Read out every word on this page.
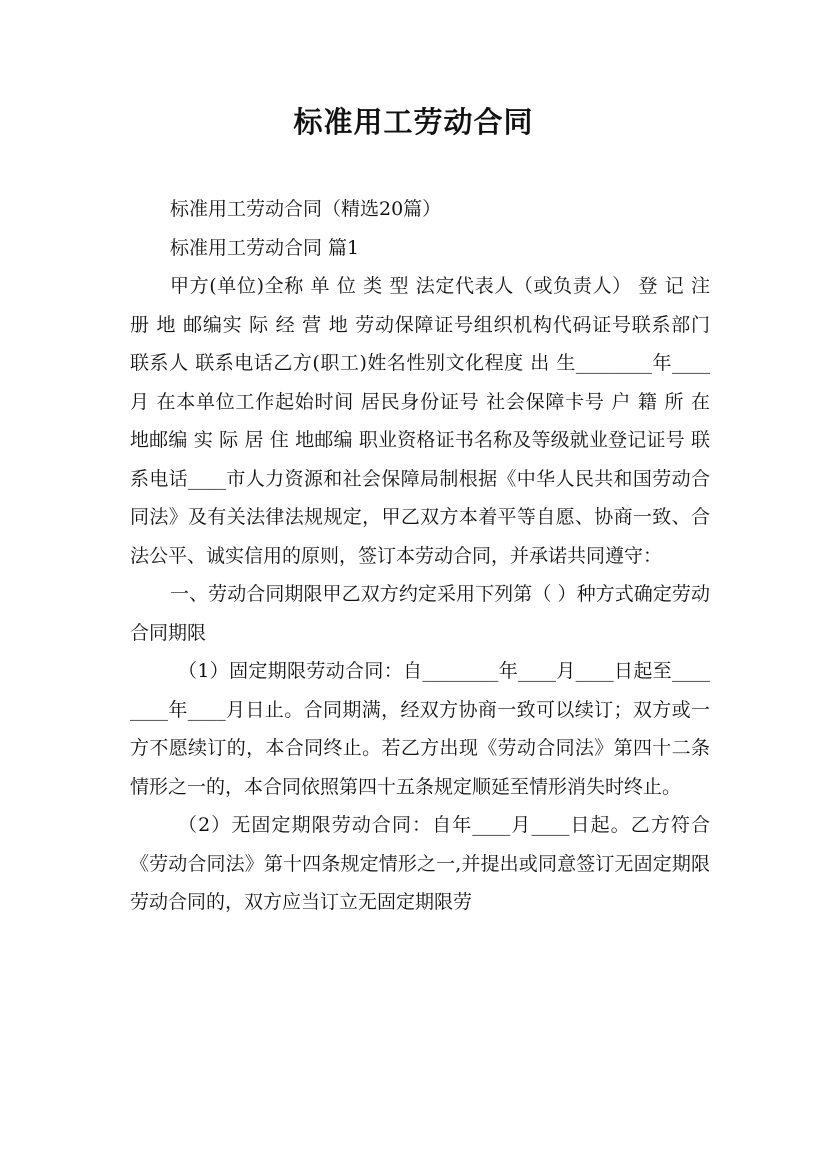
标准用工劳动合同

标准用工劳动合同（精选20篇）

标准用工劳动合同 篇1

甲方(单位)全称 单 位 类 型 法定代表人（或负责人） 登 记 注 册 地 邮编实 际 经 营 地 劳动保障证号组织机构代码证号联系部门 联系人 联系电话乙方(职工)姓名性别文化程度 出 生________年____月 在本单位工作起始时间 居民身份证号 社会保障卡号 户 籍 所 在 地邮编 实 际 居 住 地邮编 职业资格证书名称及等级就业登记证号 联系电话____市人力资源和社会保障局制根据《中华人民共和国劳动合同法》及有关法律法规规定，甲乙双方本着平等自愿、协商一致、合法公平、诚实信用的原则，签订本劳动合同，并承诺共同遵守：

一、劳动合同期限甲乙双方约定采用下列第（ ）种方式确定劳动合同期限

（1）固定期限劳动合同：自________年____月____日起至________年____月日止。合同期满，经双方协商一致可以续订；双方或一方不愿续订的，本合同终止。若乙方出现《劳动合同法》第四十二条情形之一的，本合同依照第四十五条规定顺延至情形消失时终止。

（2）无固定期限劳动合同：自年____月____日起。乙方符合《劳动合同法》第十四条规定情形之一,并提出或同意签订无固定期限劳动合同的，双方应当订立无固定期限劳
